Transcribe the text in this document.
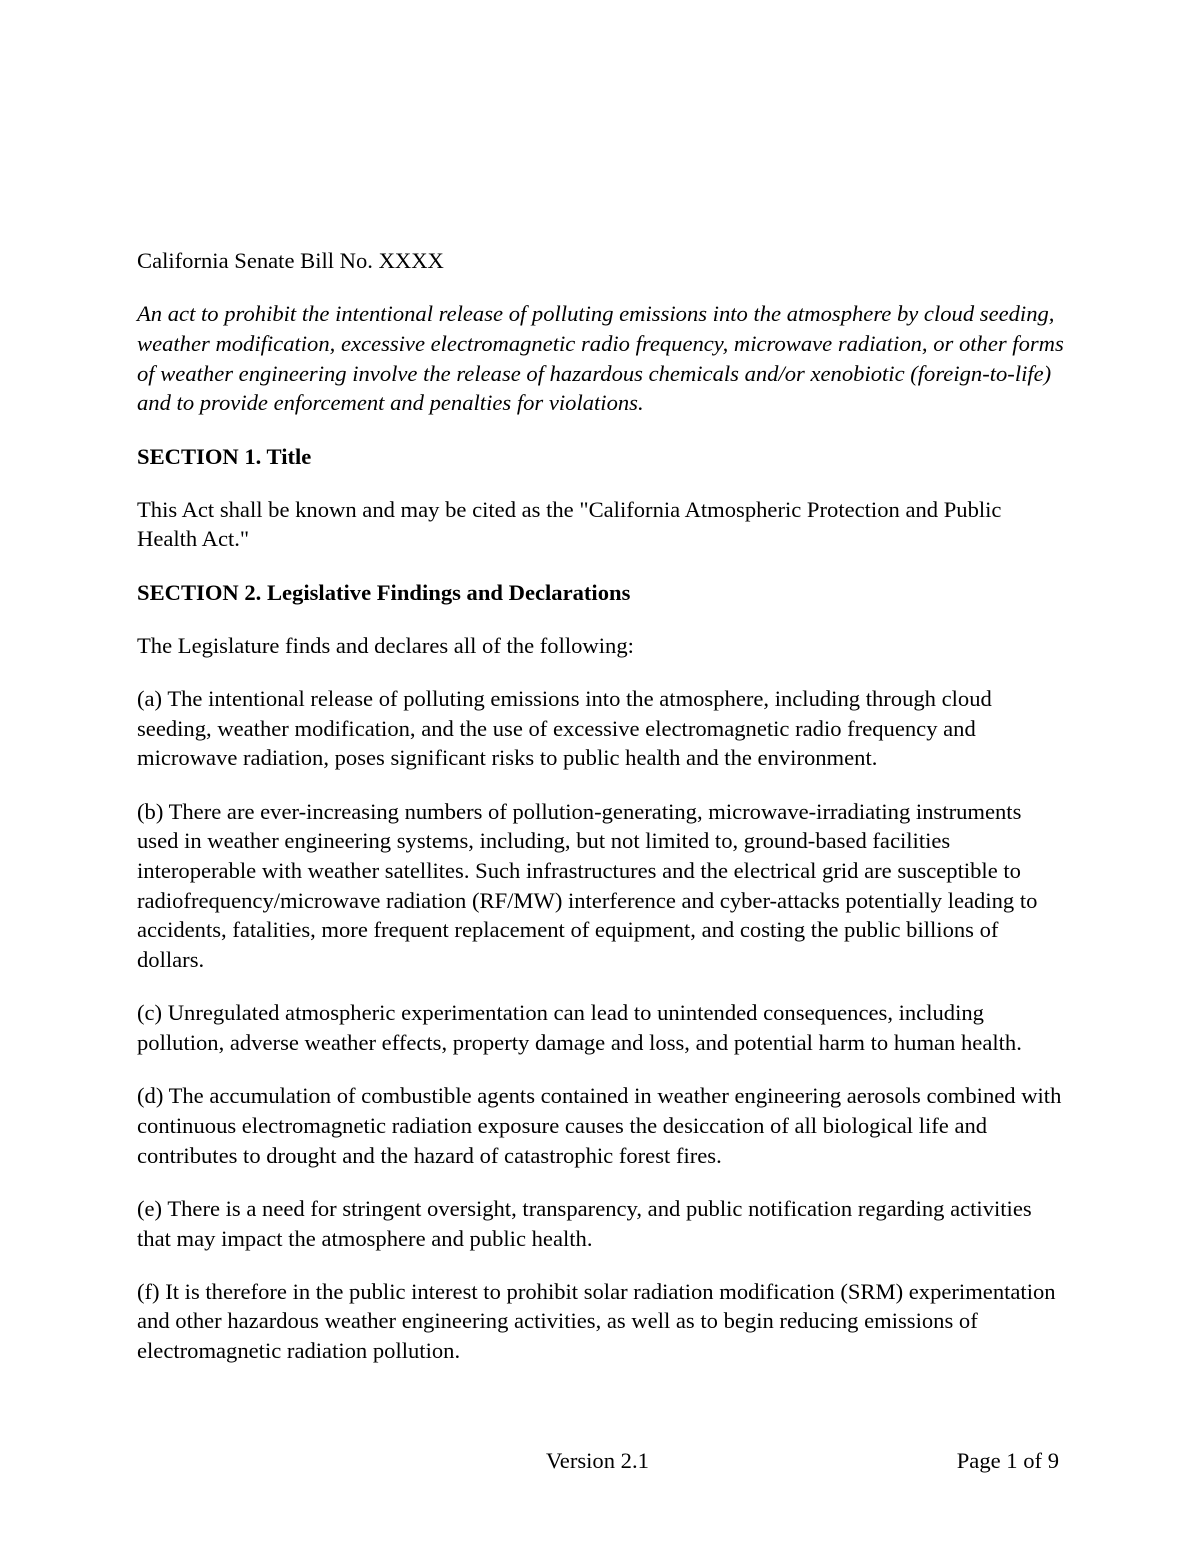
California Senate Bill No. XXXX

An act to prohibit the intentional release of polluting emissions into the atmosphere by cloud seeding, weather modification, excessive electromagnetic radio frequency, microwave radiation, or other forms of weather engineering involve the release of hazardous chemicals and/or xenobiotic (foreign-to-life) and to provide enforcement and penalties for violations.

SECTION 1. Title

This Act shall be known and may be cited as the "California Atmospheric Protection and Public Health Act."

SECTION 2. Legislative Findings and Declarations

The Legislature finds and declares all of the following:

(a) The intentional release of polluting emissions into the atmosphere, including through cloud seeding, weather modification, and the use of excessive electromagnetic radio frequency and microwave radiation, poses significant risks to public health and the environment.

(b) There are ever-increasing numbers of pollution-generating, microwave-irradiating instruments used in weather engineering systems, including, but not limited to, ground-based facilities interoperable with weather satellites. Such infrastructures and the electrical grid are susceptible to radiofrequency/microwave radiation (RF/MW) interference and cyber-attacks potentially leading to accidents, fatalities, more frequent replacement of equipment, and costing the public billions of dollars.

(c) Unregulated atmospheric experimentation can lead to unintended consequences, including pollution, adverse weather effects, property damage and loss, and potential harm to human health.

(d) The accumulation of combustible agents contained in weather engineering aerosols combined with continuous electromagnetic radiation exposure causes the desiccation of all biological life and contributes to drought and the hazard of catastrophic forest fires.

(e) There is a need for stringent oversight, transparency, and public notification regarding activities that may impact the atmosphere and public health.

(f) It is therefore in the public interest to prohibit solar radiation modification (SRM) experimentation and other hazardous weather engineering activities, as well as to begin reducing emissions of electromagnetic radiation pollution.

Version 2.1	Page 1 of 9
